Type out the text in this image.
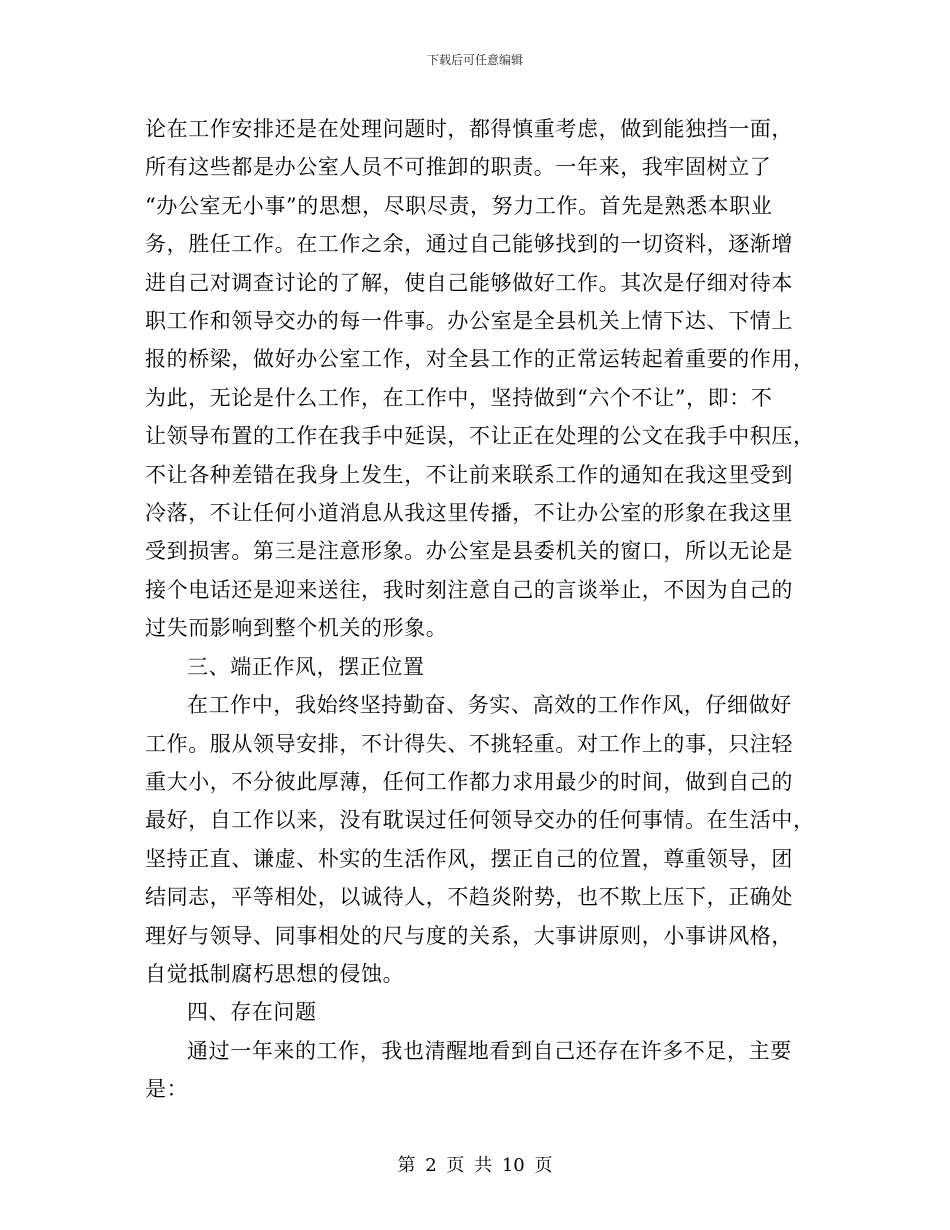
下载后可任意编辑
论在工作安排还是在处理问题时，都得慎重考虑，做到能独挡一面，
所有这些都是办公室人员不可推卸的职责。一年来，我牢固树立了
“办公室无小事”的思想，尽职尽责，努力工作。首先是熟悉本职业
务，胜任工作。在工作之余，通过自己能够找到的一切资料，逐渐增
进自己对调查讨论的了解，使自己能够做好工作。其次是仔细对待本
职工作和领导交办的每一件事。办公室是全县机关上情下达、下情上
报的桥梁，做好办公室工作，对全县工作的正常运转起着重要的作用，
为此，无论是什么工作，在工作中，坚持做到“六个不让”，即：不
让领导布置的工作在我手中延误，不让正在处理的公文在我手中积压，
不让各种差错在我身上发生，不让前来联系工作的通知在我这里受到
冷落，不让任何小道消息从我这里传播，不让办公室的形象在我这里
受到损害。第三是注意形象。办公室是县委机关的窗口，所以无论是
接个电话还是迎来送往，我时刻注意自己的言谈举止，不因为自己的
过失而影响到整个机关的形象。
三、端正作风，摆正位置
在工作中，我始终坚持勤奋、务实、高效的工作作风，仔细做好
工作。服从领导安排，不计得失、不挑轻重。对工作上的事，只注轻
重大小，不分彼此厚薄，任何工作都力求用最少的时间，做到自己的
最好，自工作以来，没有耽误过任何领导交办的任何事情。在生活中，
坚持正直、谦虚、朴实的生活作风，摆正自己的位置，尊重领导，团
结同志，平等相处，以诚待人，不趋炎附势，也不欺上压下，正确处
理好与领导、同事相处的尺与度的关系，大事讲原则，小事讲风格，
自觉抵制腐朽思想的侵蚀。
四、存在问题
通过一年来的工作，我也清醒地看到自己还存在许多不足，主要
是：
第 2 页 共 10 页
